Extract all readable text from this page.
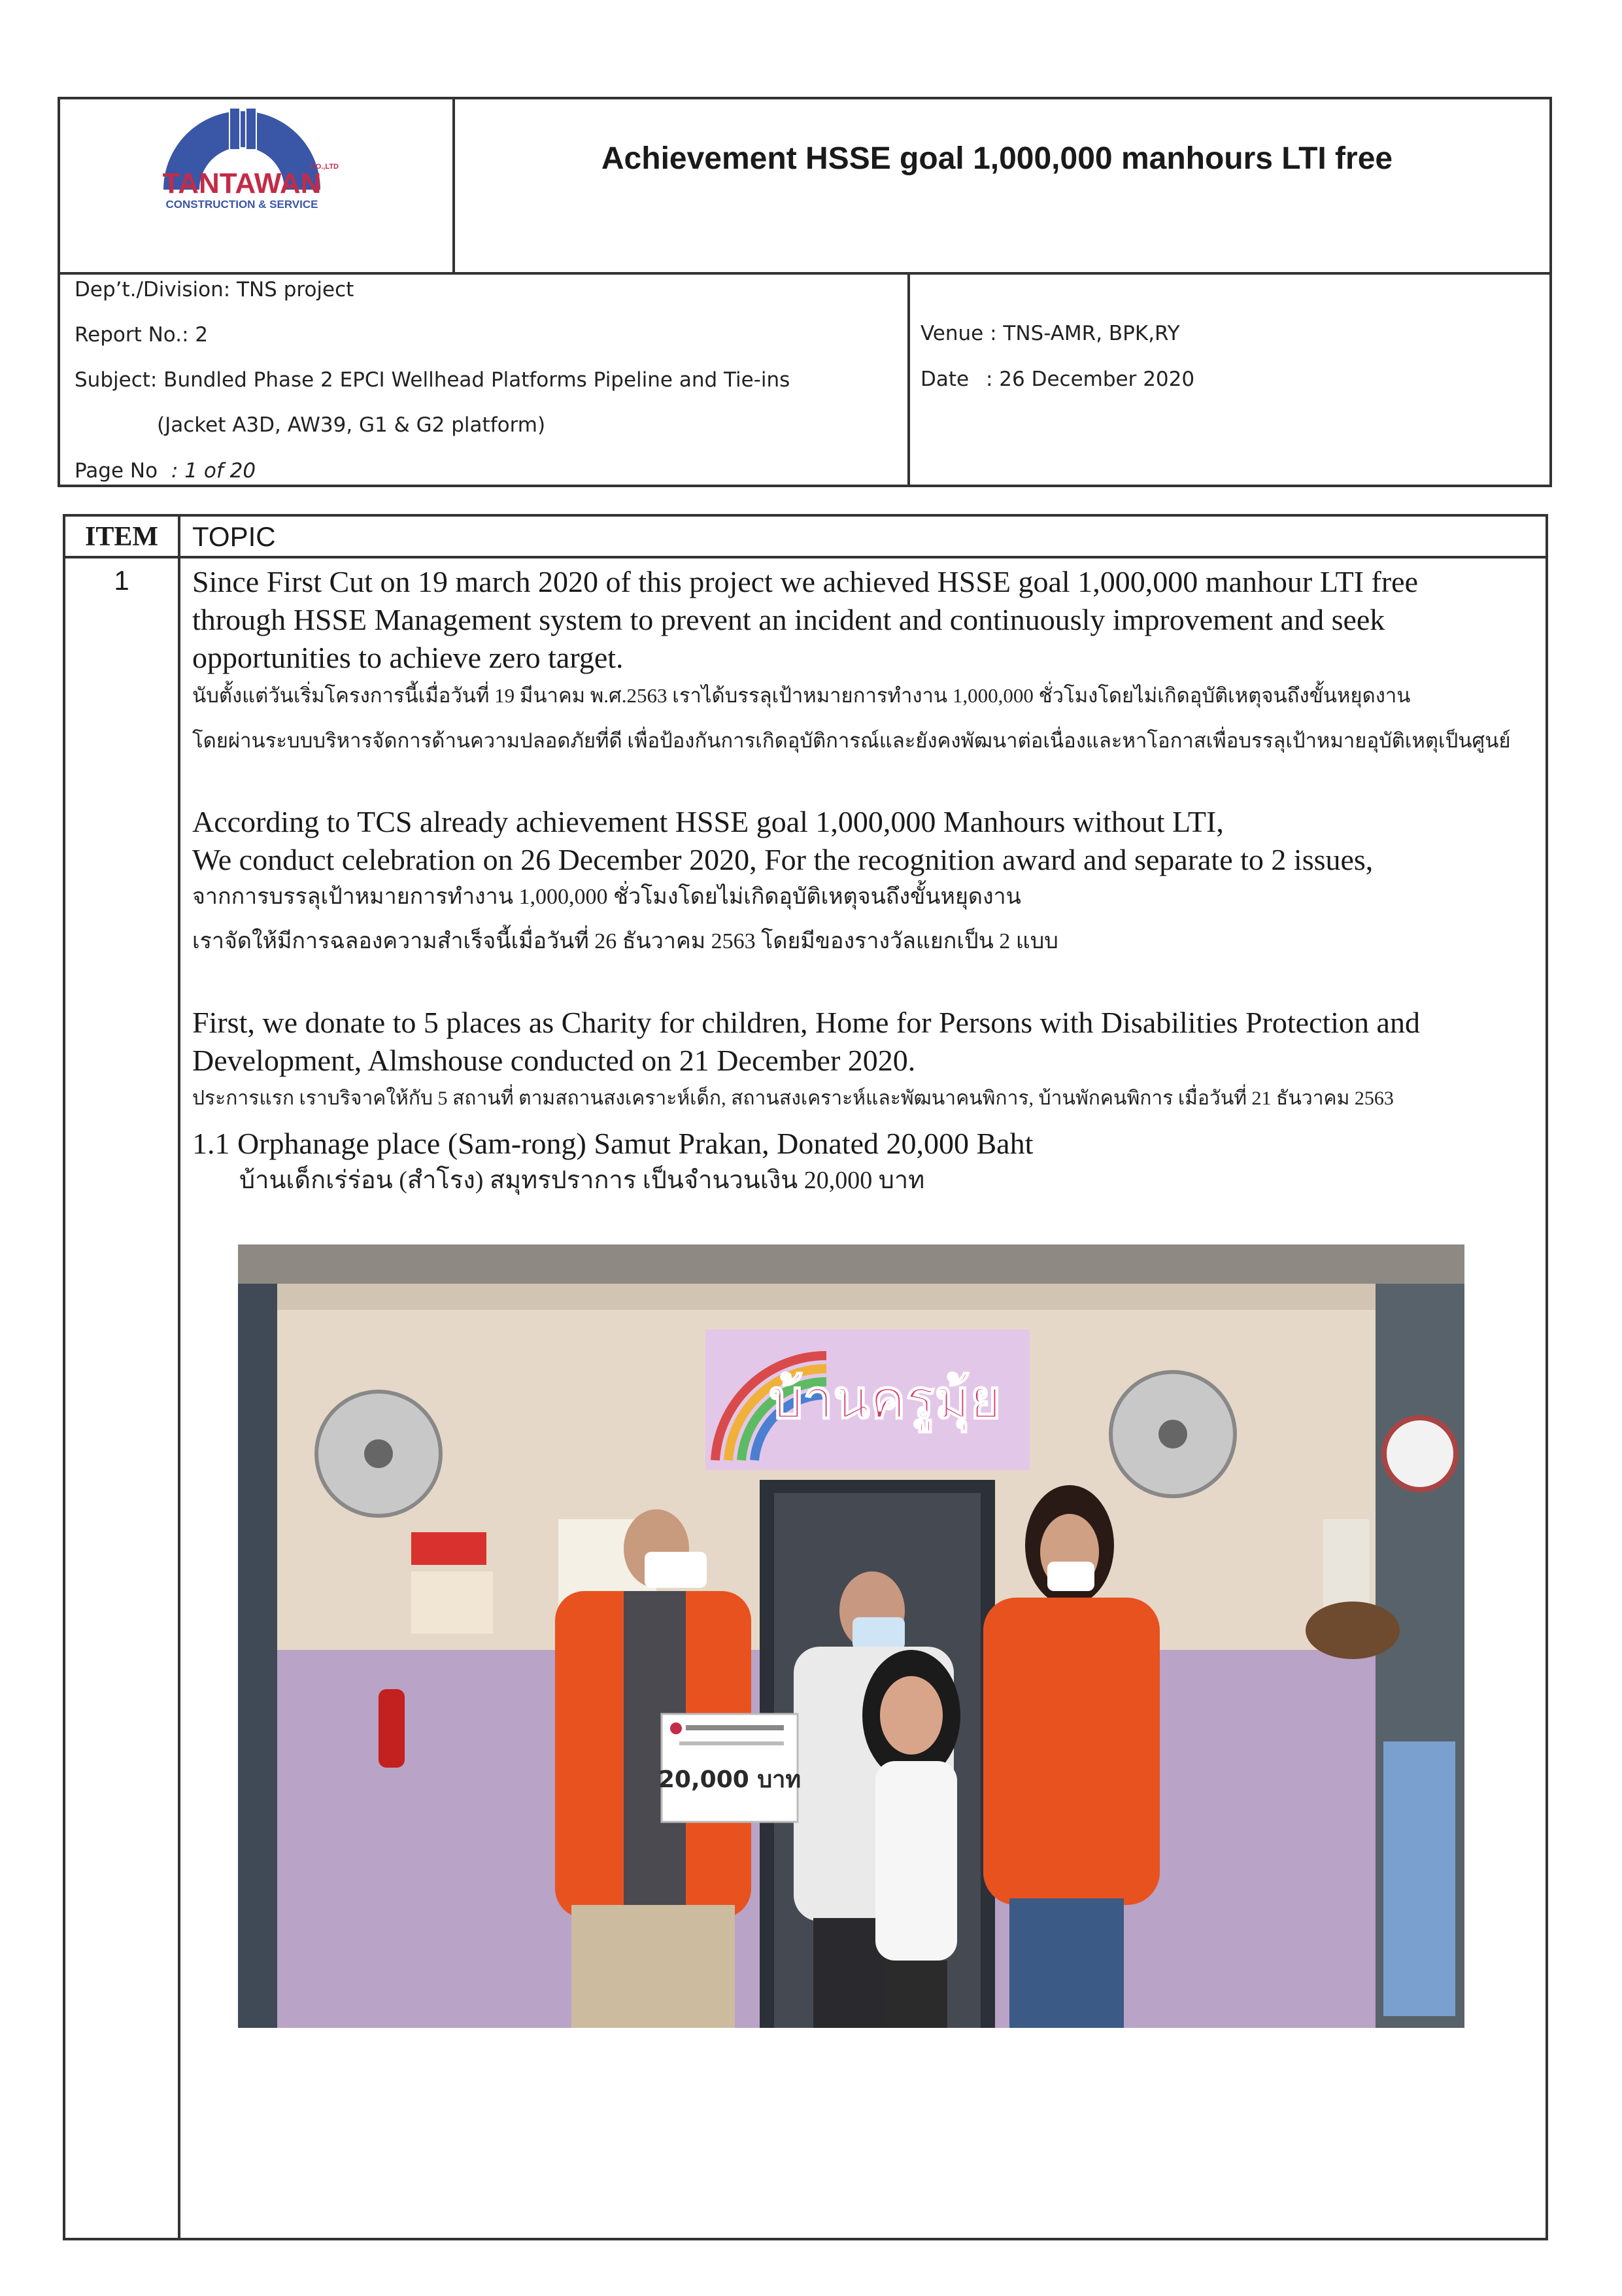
CO.,LTD
TANTAWAN
CONSTRUCTION & SERVICE
Achievement HSSE goal 1,000,000 manhours LTI free
Dep’t./Division: TNS project
Report No.: 2
Subject: Bundled Phase 2 EPCI Wellhead Platforms Pipeline and Tie-ins
(Jacket A3D, AW39, G1 & G2 platform)
Page No : 1 of 20
Venue : TNS-AMR, BPK,RY
Date : 26 December 2020
ITEM	TOPIC
1	Since First Cut on 19 march 2020 of this project we achieved HSSE goal 1,000,000 manhour LTI free
through HSSE Management system to prevent an incident and continuously improvement and seek
opportunities to achieve zero target.
นับตั้งแต่วันเริ่มโครงการนี้เมื่อวันที่ 19 มีนาคม พ.ศ.2563 เราได้บรรลุเป้าหมายการทำงาน 1,000,000 ชั่วโมงโดยไม่เกิดอุบัติเหตุจนถึงขั้นหยุดงาน
โดยผ่านระบบบริหารจัดการด้านความปลอดภัยที่ดี เพื่อป้องกันการเกิดอุบัติการณ์และยังคงพัฒนาต่อเนื่องและหาโอกาสเพื่อบรรลุเป้าหมายอุบัติเหตุเป็นศูนย์
According to TCS already achievement HSSE goal 1,000,000 Manhours without LTI,
We conduct celebration on 26 December 2020, For the recognition award and separate to 2 issues,
จากการบรรลุเป้าหมายการทำงาน 1,000,000 ชั่วโมงโดยไม่เกิดอุบัติเหตุจนถึงขั้นหยุดงาน
เราจัดให้มีการฉลองความสำเร็จนี้เมื่อวันที่ 26 ธันวาคม 2563 โดยมีของรางวัลแยกเป็น 2 แบบ
First, we donate to 5 places as Charity for children, Home for Persons with Disabilities Protection and
Development, Almshouse conducted on 21 December 2020.
ประการแรก เราบริจาคให้กับ 5 สถานที่ ตามสถานสงเคราะห์เด็ก, สถานสงเคราะห์และพัฒนาคนพิการ, บ้านพักคนพิการ เมื่อวันที่ 21 ธันวาคม 2563
1.1 Orphanage place (Sam-rong) Samut Prakan, Donated 20,000 Baht
บ้านเด็กเร่ร่อน (สำโรง) สมุทรปราการ เป็นจำนวนเงิน 20,000 บาท
บ้านครูมุ้ย
20,000 บาท
